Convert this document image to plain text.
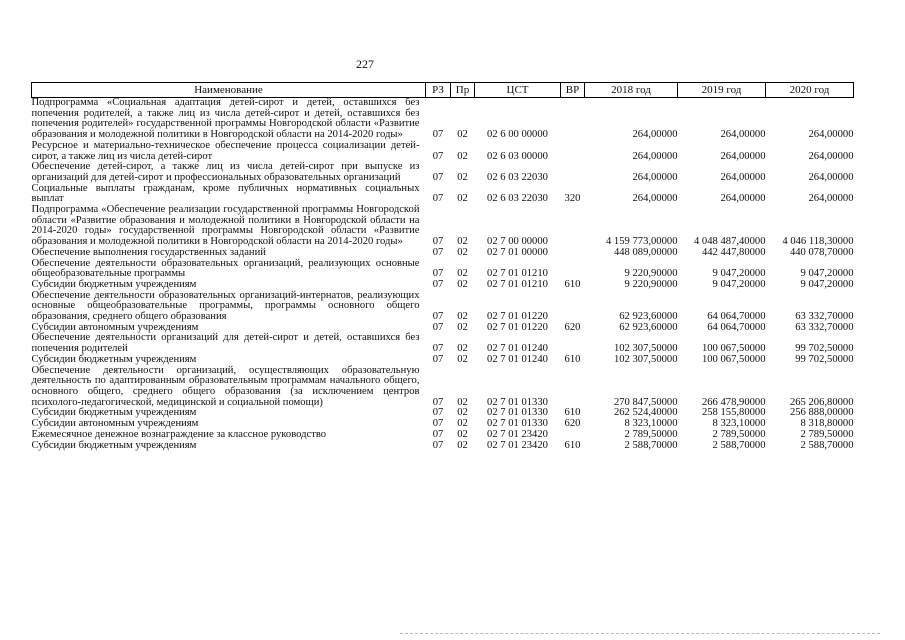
227
Наименование	РЗ	Пр	ЦСТ	ВР	2018 год	2019 год	2020 год
Подпрограмма «Социальная адаптация детей-сирот и детей, оставшихся без попечения родителей, а также лиц из числа детей-сирот и детей, оставшихся без попечения родителей» государственной программы Новгородской области «Развитие образования и молодежной политики в Новгородской области на 2014-2020 годы»	07	02	02 6 00 00000		264,00000	264,00000	264,00000
Ресурсное и материально-техническое обеспечение процесса социализации детей-сирот, а также лиц из числа детей-сирот	07	02	02 6 03 00000		264,00000	264,00000	264,00000
Обеспечение детей-сирот, а также лиц из числа детей-сирот при выпуске из организаций для детей-сирот и профессиональных образовательных организаций	07	02	02 6 03 22030		264,00000	264,00000	264,00000
Социальные выплаты гражданам, кроме публичных нормативных социальных выплат	07	02	02 6 03 22030	320	264,00000	264,00000	264,00000
Подпрограмма «Обеспечение реализации государственной программы Новгородской области «Развитие образования и молодежной политики в Новгородской области на 2014-2020 годы» государственной программы Новгородской области «Развитие образования и молодежной политики в Новгородской области на 2014-2020 годы»	07	02	02 7 00 00000		4 159 773,00000	4 048 487,40000	4 046 118,30000
Обеспечение выполнения государственных заданий	07	02	02 7 01 00000		448 089,00000	442 447,80000	440 078,70000
Обеспечение деятельности образовательных организаций, реализующих основные общеобразовательные программы	07	02	02 7 01 01210		9 220,90000	9 047,20000	9 047,20000
Субсидии бюджетным учреждениям	07	02	02 7 01 01210	610	9 220,90000	9 047,20000	9 047,20000
Обеспечение деятельности образовательных организаций-интернатов, реализующих основные общеобразовательные программы, программы основного общего образования, среднего общего образования	07	02	02 7 01 01220		62 923,60000	64 064,70000	63 332,70000
Субсидии автономным учреждениям	07	02	02 7 01 01220	620	62 923,60000	64 064,70000	63 332,70000
Обеспечение деятельности организаций для детей-сирот и детей, оставшихся без попечения родителей	07	02	02 7 01 01240		102 307,50000	100 067,50000	99 702,50000
Субсидии бюджетным учреждениям	07	02	02 7 01 01240	610	102 307,50000	100 067,50000	99 702,50000
Обеспечение деятельности организаций, осуществляющих образовательную деятельность по адаптированным образовательным программам начального общего, основного общего, среднего общего образования (за исключением центров психолого-педагогической, медицинской и социальной помощи)	07	02	02 7 01 01330		270 847,50000	266 478,90000	265 206,80000
Субсидии бюджетным учреждениям	07	02	02 7 01 01330	610	262 524,40000	258 155,80000	256 888,00000
Субсидии автономным учреждениям	07	02	02 7 01 01330	620	8 323,10000	8 323,10000	8 318,80000
Ежемесячное денежное вознаграждение за классное руководство	07	02	02 7 01 23420		2 789,50000	2 789,50000	2 789,50000
Субсидии бюджетным учреждениям	07	02	02 7 01 23420	610	2 588,70000	2 588,70000	2 588,70000
